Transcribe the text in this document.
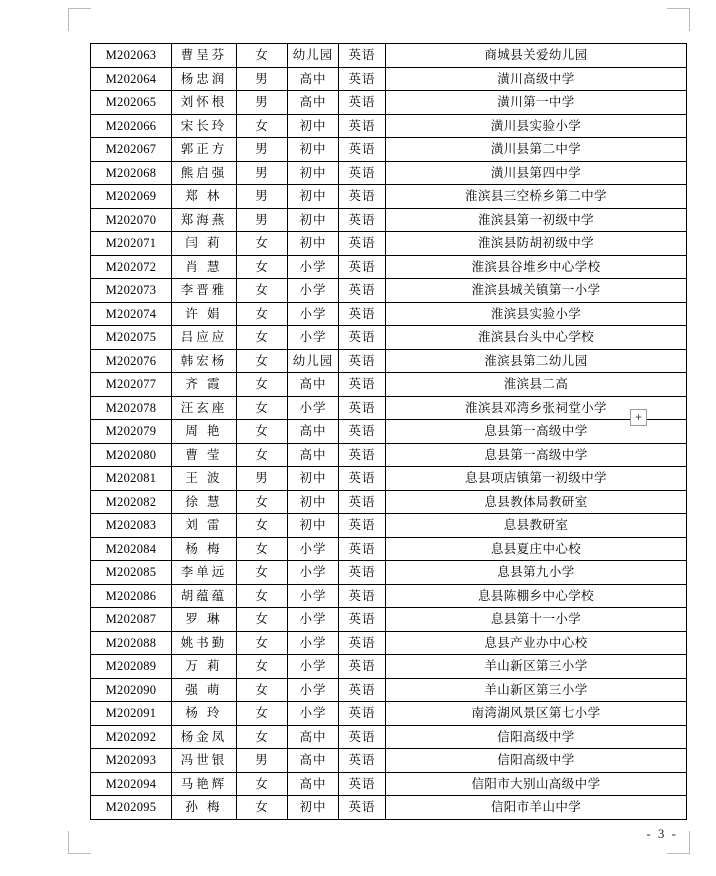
M202063	曹呈芬	女	幼儿园	英语	商城县关爱幼儿园
M202064	杨忠润	男	高中	英语	潢川高级中学
M202065	刘怀根	男	高中	英语	潢川第一中学
M202066	宋长玲	女	初中	英语	潢川县实验小学
M202067	郭正方	男	初中	英语	潢川县第二中学
M202068	熊启强	男	初中	英语	潢川县第四中学
M202069	郑 林	男	初中	英语	淮滨县三空桥乡第二中学
M202070	郑海燕	男	初中	英语	淮滨县第一初级中学
M202071	闫 莉	女	初中	英语	淮滨县防胡初级中学
M202072	肖 慧	女	小学	英语	淮滨县谷堆乡中心学校
M202073	李晋雅	女	小学	英语	淮滨县城关镇第一小学
M202074	许 娟	女	小学	英语	淮滨县实验小学
M202075	吕应应	女	小学	英语	淮滨县台头中心学校
M202076	韩宏杨	女	幼儿园	英语	淮滨县第二幼儿园
M202077	齐 霞	女	高中	英语	淮滨县二高
M202078	汪玄座	女	小学	英语	淮滨县邓湾乡张祠堂小学
M202079	周 艳	女	高中	英语	息县第一高级中学
M202080	曹 莹	女	高中	英语	息县第一高级中学
M202081	王 波	男	初中	英语	息县项店镇第一初级中学
M202082	徐 慧	女	初中	英语	息县教体局教研室
M202083	刘 雷	女	初中	英语	息县教研室
M202084	杨 梅	女	小学	英语	息县夏庄中心校
M202085	李单远	女	小学	英语	息县第九小学
M202086	胡蕴蕴	女	小学	英语	息县陈棚乡中心学校
M202087	罗 琳	女	小学	英语	息县第十一小学
M202088	姚书勤	女	小学	英语	息县产业办中心校
M202089	万 莉	女	小学	英语	羊山新区第三小学
M202090	强 萌	女	小学	英语	羊山新区第三小学
M202091	杨 玲	女	小学	英语	南湾湖风景区第七小学
M202092	杨金凤	女	高中	英语	信阳高级中学
M202093	冯世银	男	高中	英语	信阳高级中学
M202094	马艳辉	女	高中	英语	信阳市大别山高级中学
M202095	孙 梅	女	初中	英语	信阳市羊山中学
+
- 3 -
